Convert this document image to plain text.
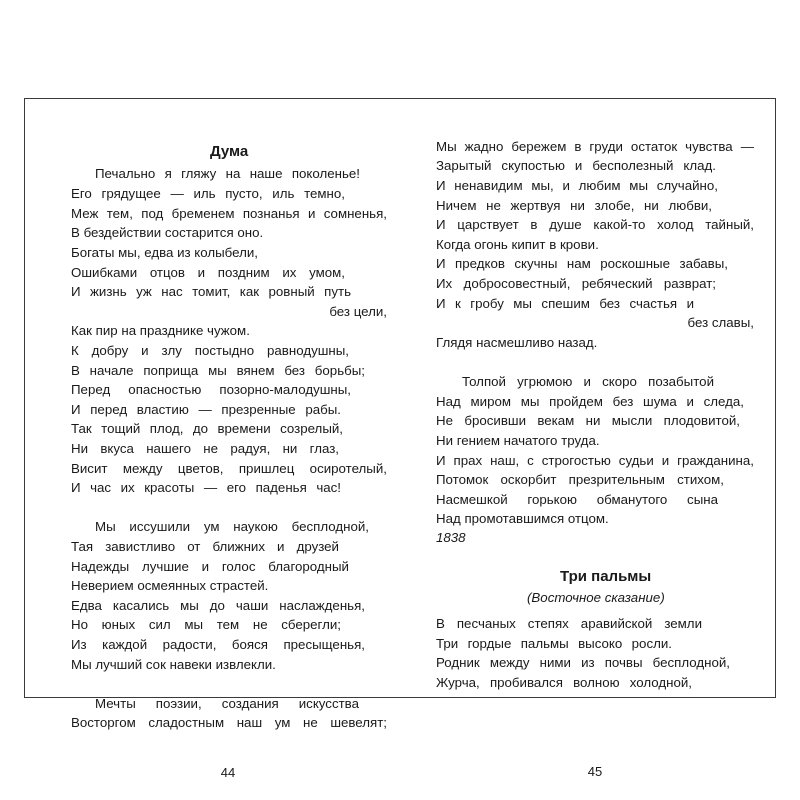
Дума
Печально я гляжу на наше поколенье!
Его грядущее — иль пусто, иль темно,
Меж тем, под бременем познанья и сомненья,
В бездействии состарится оно.
Богаты мы, едва из колыбели,
Ошибками отцов и поздним их умом,
И жизнь уж нас томит, как ровный путь
без цели,
Как пир на празднике чужом.
К добру и злу постыдно равнодушны,
В начале поприща мы вянем без борьбы;
Перед опасностью позорно-малодушны,
И перед властию — презренные рабы.
Так тощий плод, до времени созрелый,
Ни вкуса нашего не радуя, ни глаз,
Висит между цветов, пришлец осиротелый,
И час их красоты — его паденья час!
Мы иссушили ум наукою бесплодной,
Тая завистливо от ближних и друзей
Надежды лучшие и голос благородный
Неверием осмеянных страстей.
Едва касались мы до чаши наслажденья,
Но юных сил мы тем не сберегли;
Из каждой радости, бояся пресыщенья,
Мы лучший сок навеки извлекли.
Мечты поэзии, создания искусства
Восторгом сладостным наш ум не шевелят;
44
Мы жадно бережем в груди остаток чувства —
Зарытый скупостью и бесполезный клад.
И ненавидим мы, и любим мы случайно,
Ничем не жертвуя ни злобе, ни любви,
И царствует в душе какой-то холод тайный,
Когда огонь кипит в крови.
И предков скучны нам роскошные забавы,
Их добросовестный, ребяческий разврат;
И к гробу мы спешим без счастья и
без славы,
Глядя насмешливо назад.
Толпой угрюмою и скоро позабытой
Над миром мы пройдем без шума и следа,
Не бросивши векам ни мысли плодовитой,
Ни гением начатого труда.
И прах наш, с строгостью судьи и гражданина,
Потомок оскорбит презрительным стихом,
Насмешкой горькою обманутого сына
Над промотавшимся отцом.
1838
Три пальмы
(Восточное сказание)
В песчаных степях аравийской земли
Три гордые пальмы высоко росли.
Родник между ними из почвы бесплодной,
Журча, пробивался волною холодной,
45
